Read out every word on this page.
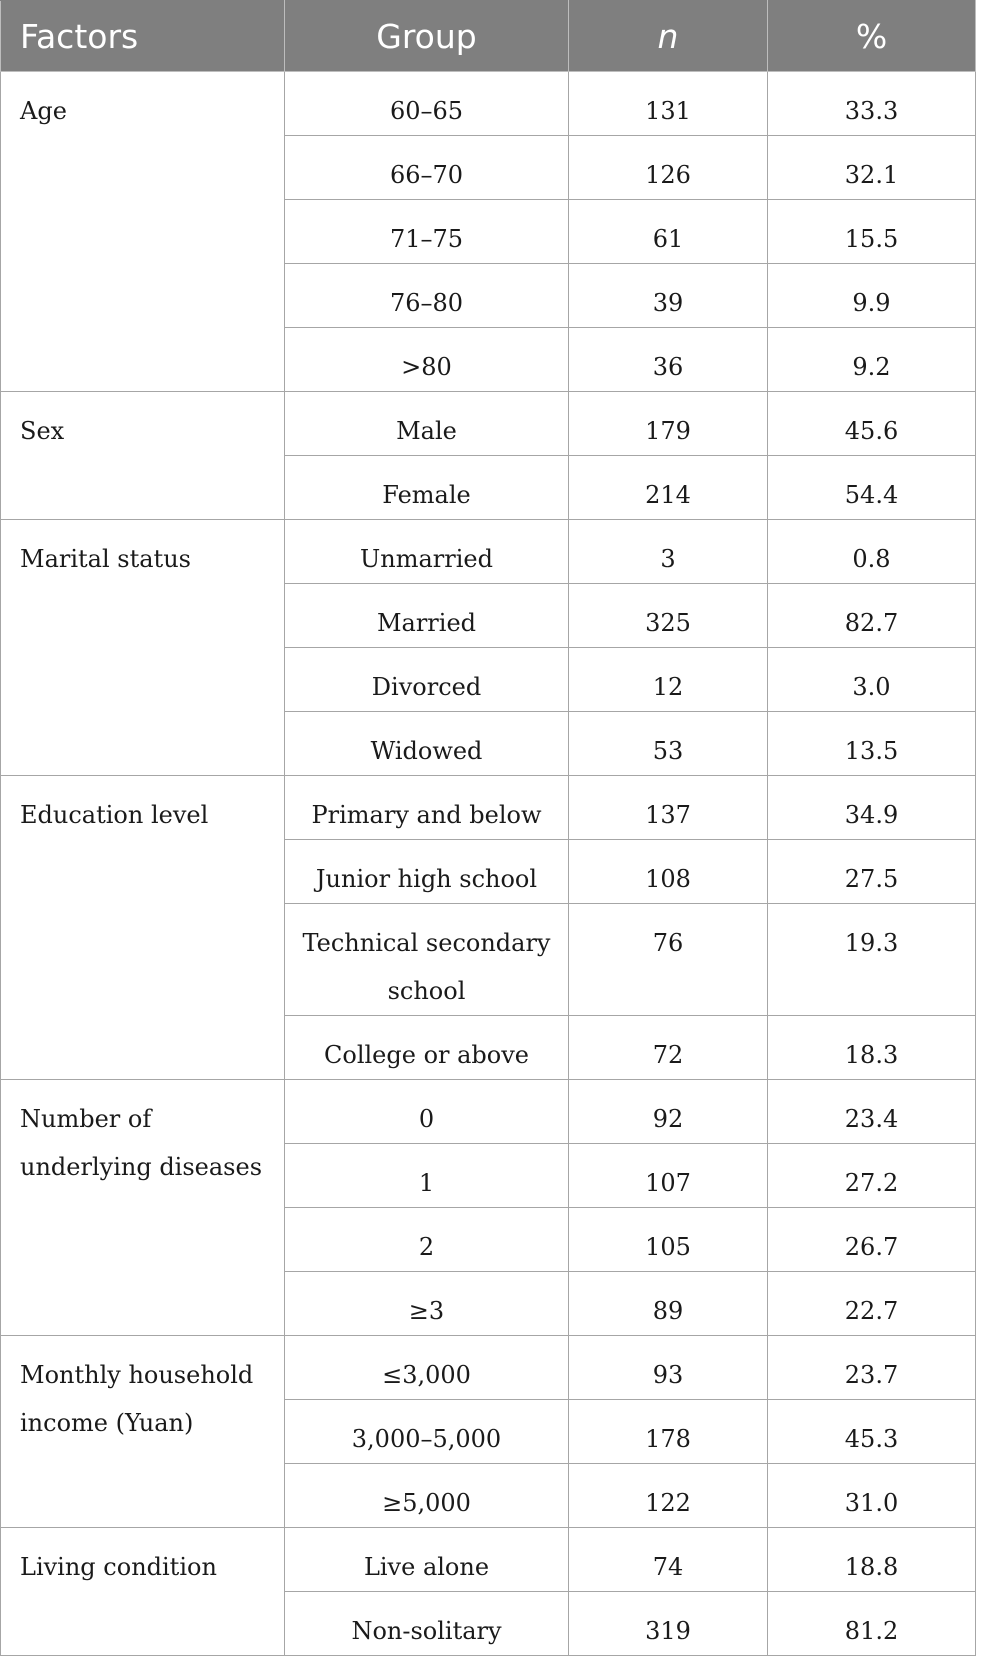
Factors	Group	n	%
Age	60–65	131	33.3
	66–70	126	32.1
	71–75	61	15.5
	76–80	39	9.9
	>80	36	9.2
Sex	Male	179	45.6
	Female	214	54.4
Marital status	Unmarried	3	0.8
	Married	325	82.7
	Divorced	12	3.0
	Widowed	53	13.5
Education level	Primary and below	137	34.9
	Junior high school	108	27.5
	Technical secondary school	76	19.3
	College or above	72	18.3
Number of underlying diseases	0	92	23.4
	1	107	27.2
	2	105	26.7
	≥3	89	22.7
Monthly household income (Yuan)	≤3,000	93	23.7
	3,000–5,000	178	45.3
	≥5,000	122	31.0
Living condition	Live alone	74	18.8
	Non-solitary	319	81.2
